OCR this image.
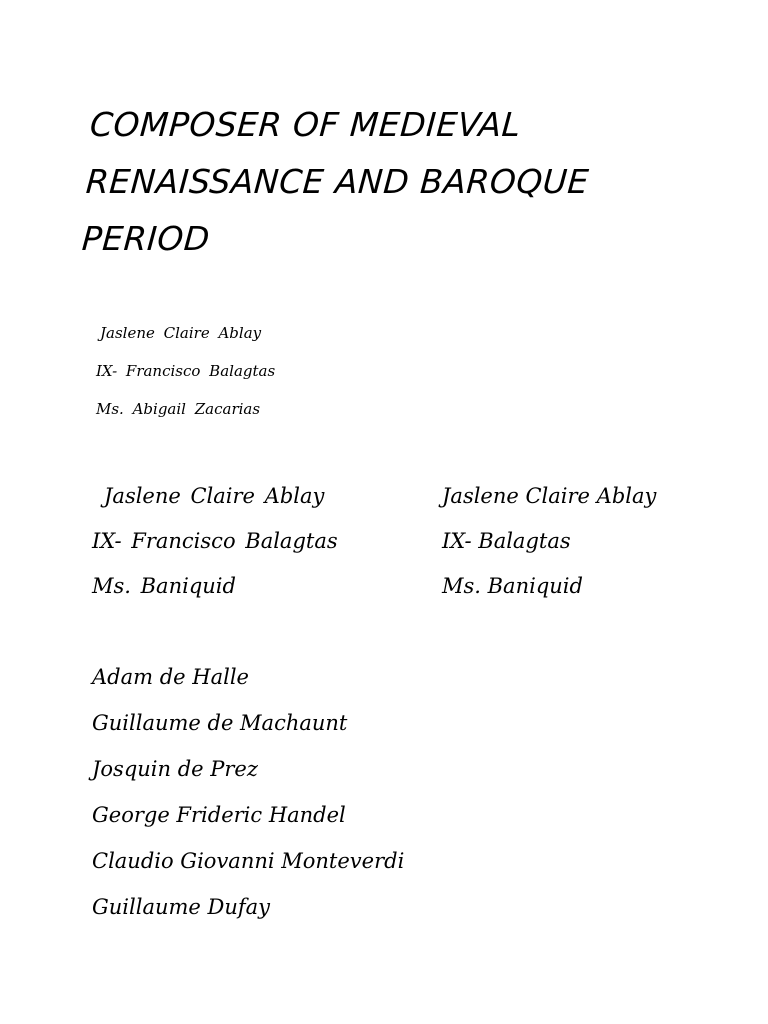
COMPOSER OF MEDIEVAL
RENAISSANCE AND BAROQUE
PERIOD
Jaslene Claire Ablay
IX- Francisco Balagtas
Ms. Abigail Zacarias
Jaslene Claire Ablay
IX- Francisco Balagtas
Ms. Baniquid
Jaslene Claire Ablay
IX- Balagtas
Ms. Baniquid
Adam de Halle
Guillaume de Machaunt
Josquin de Prez
George Frideric Handel
Claudio Giovanni Monteverdi
Guillaume Dufay
